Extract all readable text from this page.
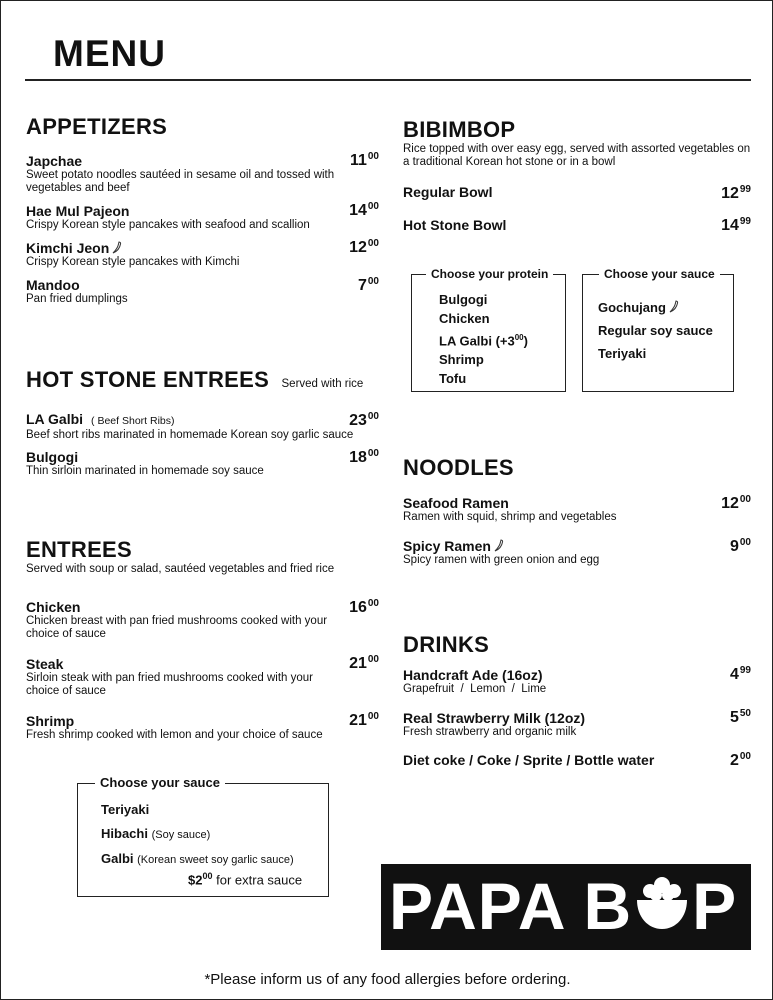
MENU
APPETIZERS
Japchae
Sweet potato noodles sautéed in sesame oil and tossed with vegetables and beef
$11^{00}$
Hae Mul Pajeon
Crispy Korean style pancakes with seafood and scallion
$14^{00}$
Kimchi Jeon
Crispy Korean style pancakes with Kimchi
$12^{00}$
Mandoo
Pan fried dumplings
$7^{00}$
HOT STONE ENTREES Served with rice
LA Galbi ( Beef Short Ribs)
Beef short ribs marinated in homemade Korean soy garlic sauce
$23^{00}$
Bulgogi
Thin sirloin marinated in homemade soy sauce
$18^{00}$
ENTREES
Served with soup or salad, sautéed vegetables and fried rice
Chicken
Chicken breast with pan fried mushrooms cooked with your choice of sauce
$16^{00}$
Steak
Sirloin steak with pan fried mushrooms cooked with your choice of sauce
$21^{00}$
Shrimp
Fresh shrimp cooked with lemon and your choice of sauce
$21^{00}$
Choose your sauce
Teriyaki
Hibachi (Soy sauce)
Galbi (Korean sweet soy garlic sauce)
$\$2^{00}$ for extra sauce
BIBIMBOP
Rice topped with over easy egg, served with assorted vegetables on a traditional Korean hot stone or in a bowl
Regular Bowl	$12^{99}$
Hot Stone Bowl	$14^{99}$
Choose your protein
Bulgogi
Chicken
LA Galbi $(+3^{00})$
Shrimp
Tofu
Choose your sauce
Gochujang
Regular soy sauce
Teriyaki
NOODLES
Seafood Ramen
Ramen with squid, shrimp and vegetables
$12^{00}$
Spicy Ramen
Spicy ramen with green onion and egg
$9^{00}$
DRINKS
Handcraft Ade (16oz)
Grapefruit  /  Lemon  /  Lime
$4^{99}$
Real Strawberry Milk (12oz)
Fresh strawberry and organic milk
$5^{50}$
Diet coke / Coke / Sprite / Bottle water	$2^{00}$
PAPA B P
*Please inform us of any food allergies before ordering.
